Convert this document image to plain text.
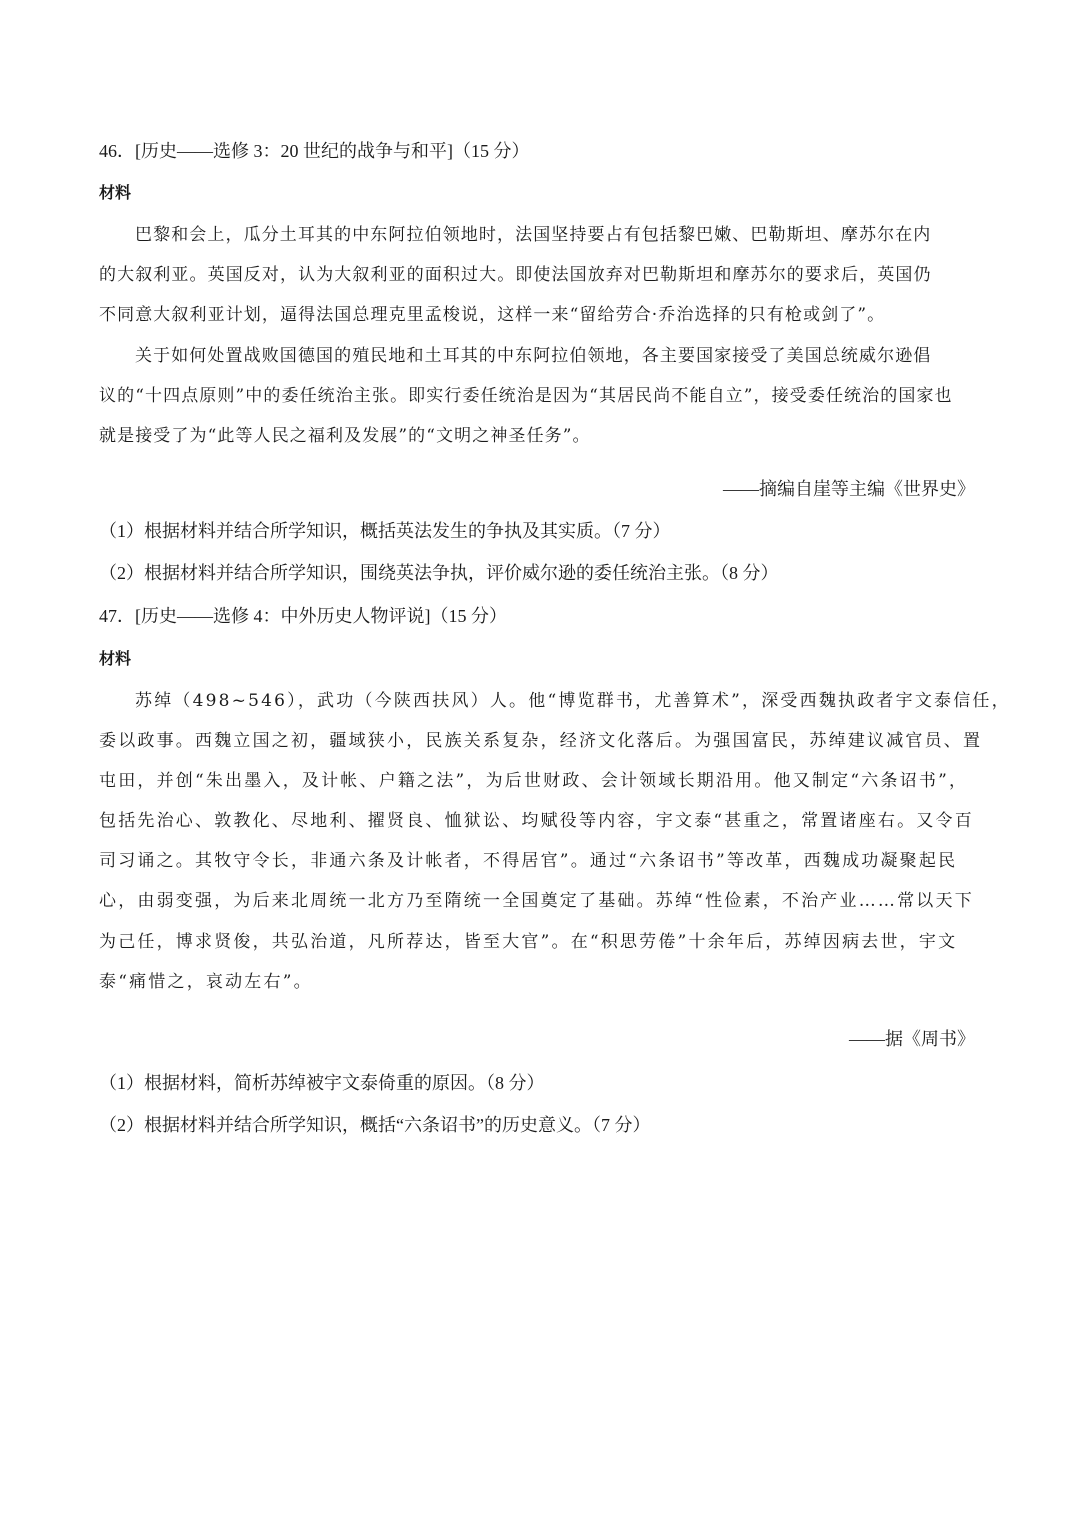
46．[历史——选修 3：20 世纪的战争与和平]（15 分）
材料
巴黎和会上，瓜分土耳其的中东阿拉伯领地时，法国坚持要占有包括黎巴嫩、巴勒斯坦、摩苏尔在内
的大叙利亚。英国反对，认为大叙利亚的面积过大。即使法国放弃对巴勒斯坦和摩苏尔的要求后，英国仍
不同意大叙利亚计划，逼得法国总理克里孟梭说，这样一来“留给劳合·乔治选择的只有枪或剑了”。
关于如何处置战败国德国的殖民地和土耳其的中东阿拉伯领地，各主要国家接受了美国总统威尔逊倡
议的“十四点原则”中的委任统治主张。即实行委任统治是因为“其居民尚不能自立”，接受委任统治的国家也
就是接受了为“此等人民之福利及发展”的“文明之神圣任务”。
——摘编自崖等主编《世界史》
（1）根据材料并结合所学知识，概括英法发生的争执及其实质。（7 分）
（2）根据材料并结合所学知识，围绕英法争执，评价威尔逊的委任统治主张。（8 分）
47．[历史——选修 4：中外历史人物评说]（15 分）
材料
苏绰（498~546），武功（今陕西扶风）人。他“博览群书，尤善算术”，深受西魏执政者宇文泰信任，
委以政事。西魏立国之初，疆域狭小，民族关系复杂，经济文化落后。为强国富民，苏绰建议减官员、置
屯田，并创“朱出墨入，及计帐、户籍之法”，为后世财政、会计领域长期沿用。他又制定“六条诏书”，
包括先治心、敦教化、尽地利、擢贤良、恤狱讼、均赋役等内容，宇文泰“甚重之，常置诸座右。又令百
司习诵之。其牧守令长，非通六条及计帐者，不得居官”。通过“六条诏书”等改革，西魏成功凝聚起民
心，由弱变强，为后来北周统一北方乃至隋统一全国奠定了基础。苏绰“性俭素，不治产业……常以天下
为己任，博求贤俊，共弘治道，凡所荐达，皆至大官”。在“积思劳倦”十余年后，苏绰因病去世，宇文
泰“痛惜之，哀动左右”。
——据《周书》
（1）根据材料，简析苏绰被宇文泰倚重的原因。（8 分）
（2）根据材料并结合所学知识，概括“六条诏书”的历史意义。（7 分）
